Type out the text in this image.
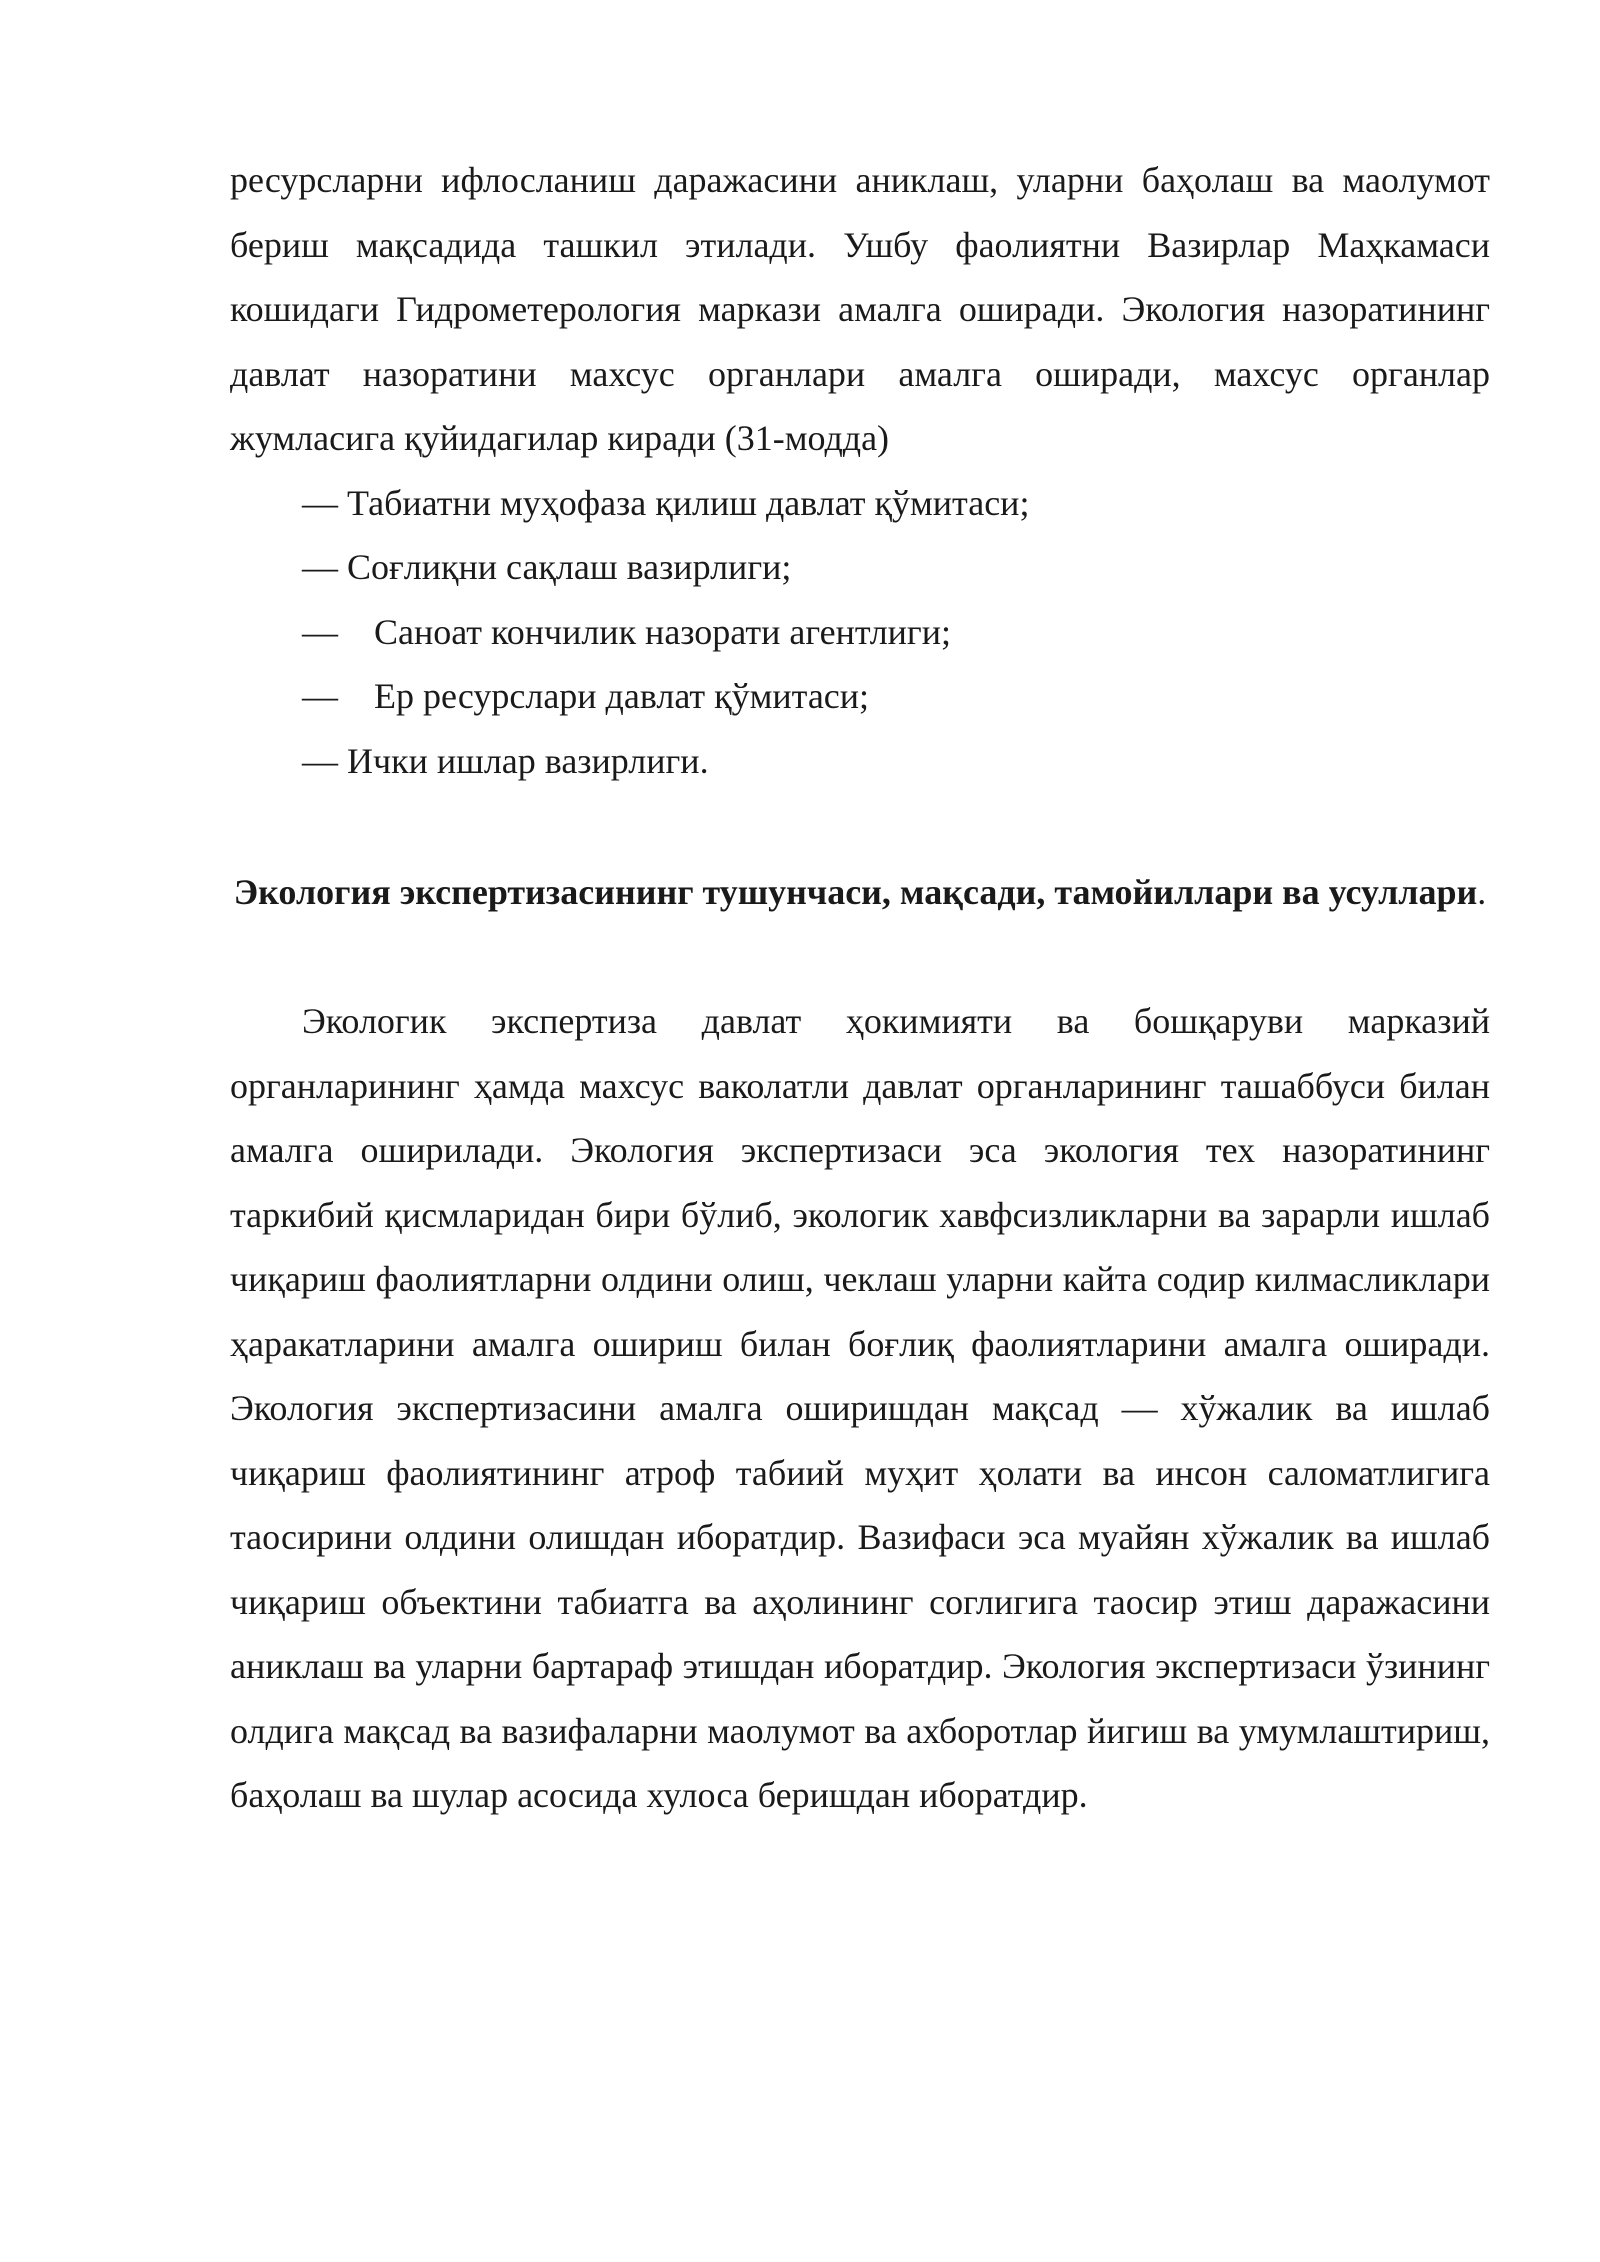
ресурсларни ифлосланиш даражасини аниклаш, уларни баҳолаш ва маолумот бериш мақсадида ташкил этилади. Ушбу фаолиятни Вазирлар Маҳкамаси кошидаги Гидрометерология маркази амалга оширади. Экология назоратининг давлат назоратини махсус органлари амалга оширади, махсус органлар жумласига қуйидагилар киради (31-модда)

— Табиатни муҳофаза қилиш давлат қўмитаси;
— Соғлиқни сақлаш вазирлиги;
— Саноат кончилик назорати агентлиги;
— Ер ресурслари давлат қўмитаси;
— Ички ишлар вазирлиги.
Экология экспертизасининг тушунчаси, мақсади, тамойиллари ва усуллари.

Экологик экспертиза давлат ҳокимияти ва бошқаруви марказий органларининг ҳамда махсус ваколатли давлат органларининг ташаббуси билан амалга оширилади. Экология экспертизаси эса экология тех назоратининг таркибий қисмларидан бири бўлиб, экологик хавфсизликларни ва зарарли ишлаб чиқариш фаолиятларни олдини олиш, чеклаш уларни кайта содир килмасликлари ҳаракатларини амалга ошириш билан боғлиқ фаолиятларини амалга оширади. Экология экспертизасини амалга оширишдан мақсад — хўжалик ва ишлаб чиқариш фаолиятининг атроф табиий муҳит ҳолати ва инсон саломатлигига таосирини олдини олишдан иборатдир. Вазифаси эса муайян хўжалик ва ишлаб чиқариш объектини табиатга ва аҳолининг соглигига таосир этиш даражасини аниклаш ва уларни бартараф этишдан иборатдир. Экология экспертизаси ўзининг олдига мақсад ва вазифаларни маолумот ва ахборотлар йигиш ва умумлаштириш, баҳолаш ва шулар асосида хулоса беришдан иборатдир.
